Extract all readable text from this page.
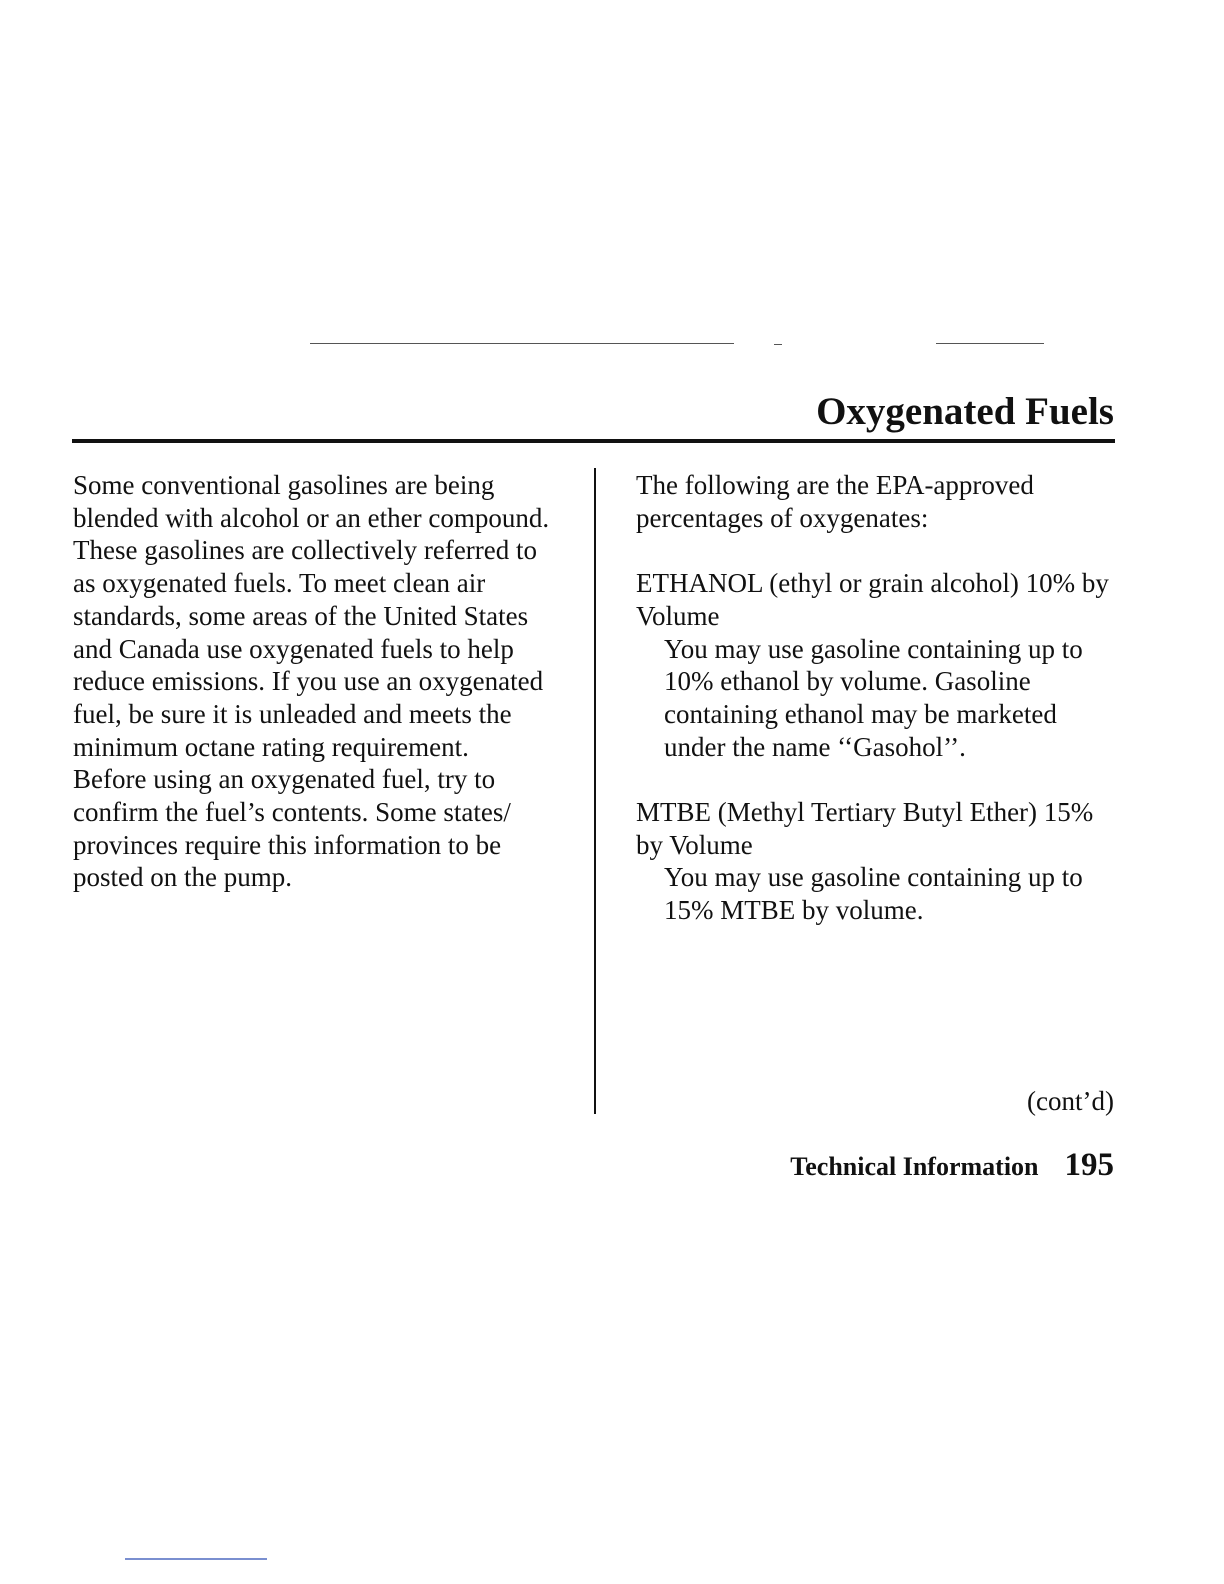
Oxygenated Fuels

Some conventional gasolines are being blended with alcohol or an ether compound. These gasolines are collectively referred to as oxygenated fuels. To meet clean air standards, some areas of the United States and Canada use oxygenated fuels to help reduce emissions. If you use an oxygenated fuel, be sure it is unleaded and meets the minimum octane rating requirement.

Before using an oxygenated fuel, try to confirm the fuel’s contents. Some states/ provinces require this information to be posted on the pump.

The following are the EPA-approved percentages of oxygenates:

ETHANOL (ethyl or grain alcohol) 10% by Volume

You may use gasoline containing up to 10% ethanol by volume. Gasoline containing ethanol may be marketed under the name ‘‘Gasohol’’.

MTBE (Methyl Tertiary Butyl Ether) 15% by Volume

You may use gasoline containing up to 15% MTBE by volume.

(cont’d)
Technical Information 195
